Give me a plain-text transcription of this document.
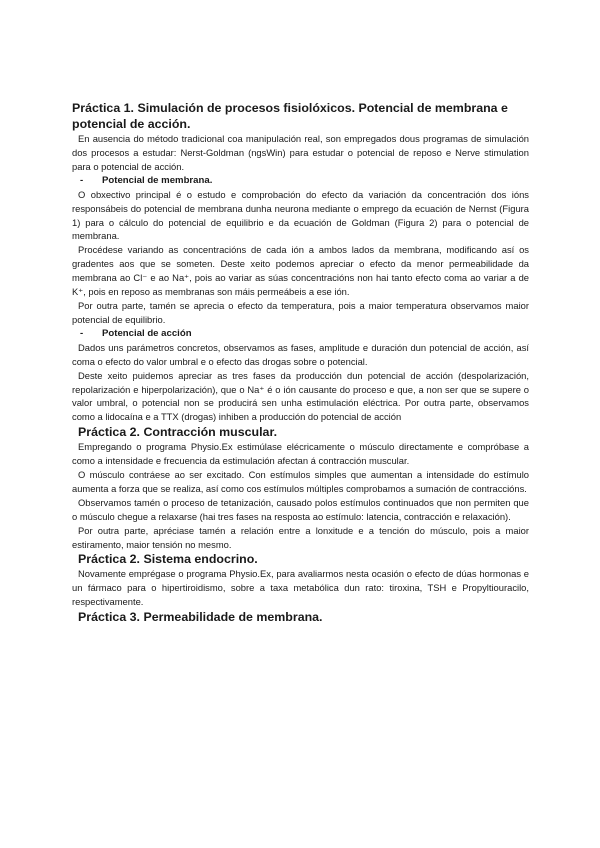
Práctica 1. Simulación de procesos fisiolóxicos. Potencial de membrana e potencial de acción.

En ausencia do método tradicional coa manipulación real, son empregados dous programas de simulación dos procesos a estudar: Nerst-Goldman (ngsWin) para estudar o potencial de reposo e Nerve stimulation para o potencial de acción.

-	Potencial de membrana.

O obxectivo principal é o estudo e comprobación do efecto da variación da concentración dos ións responsábeis do potencial de membrana dunha neurona mediante o emprego da ecuación de Nernst (Figura 1) para o cálculo do potencial de equilibrio e da ecuación de Goldman (Figura 2) para o potencial de membrana.

Procédese variando as concentracións de cada ión a ambos lados da membrana, modificando así os gradentes aos que se someten. Deste xeito podemos apreciar o efecto da menor permeabilidade da membrana ao Cl⁻ e ao Na⁺, pois ao variar as súas concentracións non hai tanto efecto coma ao variar a de K⁺, pois en reposo as membranas son máis permeábeis a ese ión.

Por outra parte, tamén se aprecia o efecto da temperatura, pois a maior temperatura observamos maior potencial de equilibrio.

-	Potencial de acción

Dados uns parámetros concretos, observamos as fases, amplitude e duración dun potencial de acción, así coma o efecto do valor umbral e o efecto das drogas sobre o potencial.

Deste xeito puidemos apreciar as tres fases da producción dun potencial de acción (despolarización, repolarización e hiperpolarización), que o Na⁺ é o ión causante do proceso e que, a non ser que se supere o valor umbral, o potencial non se producirá sen unha estimulación eléctrica. Por outra parte, observamos como a lidocaína e a TTX (drogas) inhiben a producción do potencial de acción

Práctica 2. Contracción muscular.

Empregando o programa Physio.Ex estimúlase elécricamente o músculo directamente e compróbase a como a intensidade e frecuencia da estimulación afectan á contracción muscular.

O músculo contráese ao ser excitado. Con estímulos simples que aumentan a intensidade do estímulo aumenta a forza que se realiza, así como cos estímulos múltiples comprobamos a sumación de contraccións.

Observamos tamén o proceso de tetanización, causado polos estímulos continuados que non permiten que o músculo chegue a relaxarse (hai tres fases na resposta ao estímulo: latencia, contracción e relaxación).

Por outra parte, apréciase tamén a relación entre a lonxitude e a tención do músculo, pois a maior estiramento, maior tensión no mesmo.

Práctica 2. Sistema endocrino.

Novamente emprégase o programa Physio.Ex, para avaliarmos nesta ocasión o efecto de dúas hormonas e un fármaco para o hipertiroidismo, sobre a taxa metabólica dun rato: tiroxina, TSH e Propyltiouracilo, respectivamente.

Práctica 3. Permeabilidade de membrana.
